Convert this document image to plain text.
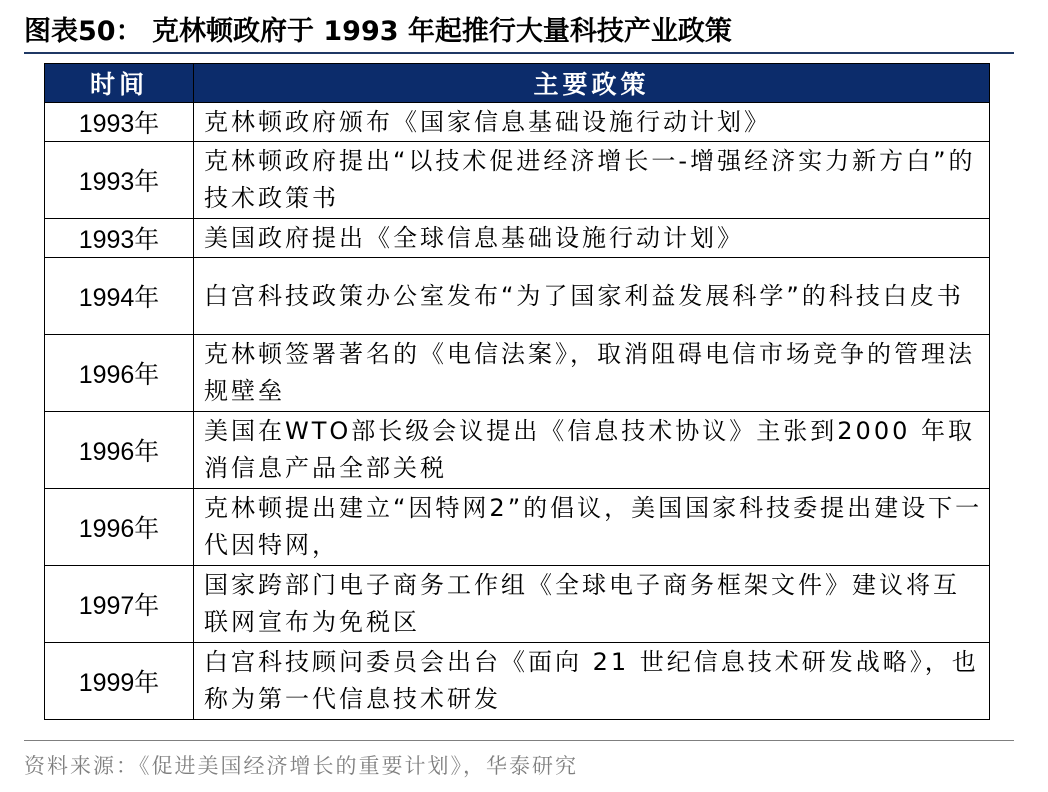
图表50： 克林顿政府于 1993 年起推行大量科技产业政策
时间	主要政策
1993年	克林顿政府颁布《国家信息基础设施行动计划》
1993年	克林顿政府提出“以技术促进经济增长一-增强经济实力新方白”的技术政策书
1993年	美国政府提出《全球信息基础设施行动计划》
1994年	白宫科技政策办公室发布“为了国家利益发展科学”的科技白皮书
1996年	克林顿签署著名的《电信法案》，取消阻碍电信市场竞争的管理法规壁垒
1996年	美国在WTO部长级会议提出《信息技术协议》主张到2000 年取消信息产品全部关税
1996年	克林顿提出建立“因特网2”的倡议，美国国家科技委提出建设下一代因特网，
1997年	国家跨部门电子商务工作组《全球电子商务框架文件》建议将互联网宣布为免税区
1999年	白宫科技顾问委员会出台《面向 21 世纪信息技术研发战略》，也称为第一代信息技术研发
资料来源：《促进美国经济增长的重要计划》，华泰研究
